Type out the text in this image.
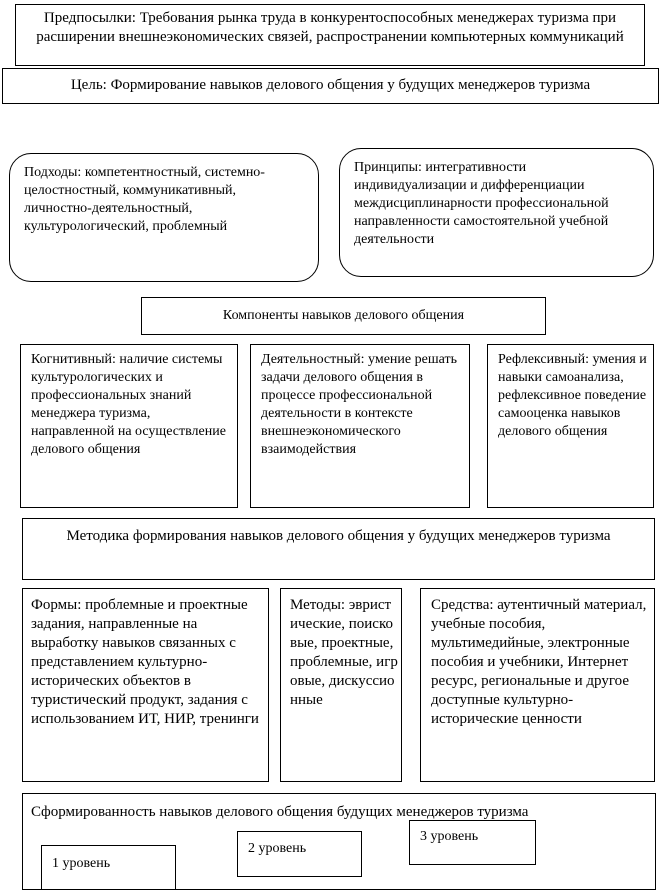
Предпосылки: Требования рынка труда в конкурентоспособных менеджерах туризма при расширении внешнеэкономических связей, распространении компьютерных коммуникаций
Цель: Формирование навыков делового общения у будущих менеджеров туризма
Подходы: компетентностный, системно-целостностный, коммуникативный, личностно-деятельностный, культурологический, проблемный
Принципы: интегративности индивидуализации и дифференциации междисциплинарности профессиональной направленности самостоятельной учебной деятельности
Компоненты навыков делового общения
Когнитивный: наличие системы культурологических и профессиональных знаний менеджера туризма, направленной на осуществление делового общения
Деятельностный: умение решать задачи делового общения в процессе профессиональной деятельности в контексте внешнеэкономического взаимодействия
Рефлексивный: умения и навыки самоанализа, рефлексивное поведение самооценка навыков делового общения
Методика формирования навыков делового общения у будущих менеджеров туризма
Формы: проблемные и проектные задания, направленные на выработку навыков связанных с представлением культурно-исторических объектов в туристический продукт, задания с использованием ИТ, НИР, тренинги
Методы: эвристические, поисковые, проектные, проблемные, игровые, дискуссионные
Средства: аутентичный материал, учебные пособия, мультимедийные, электронные пособия и учебники, Интернет ресурс, региональные и другое доступные культурно-исторические ценности
Сформированность навыков делового общения будущих менеджеров туризма
1 уровень
2 уровень
3 уровень
